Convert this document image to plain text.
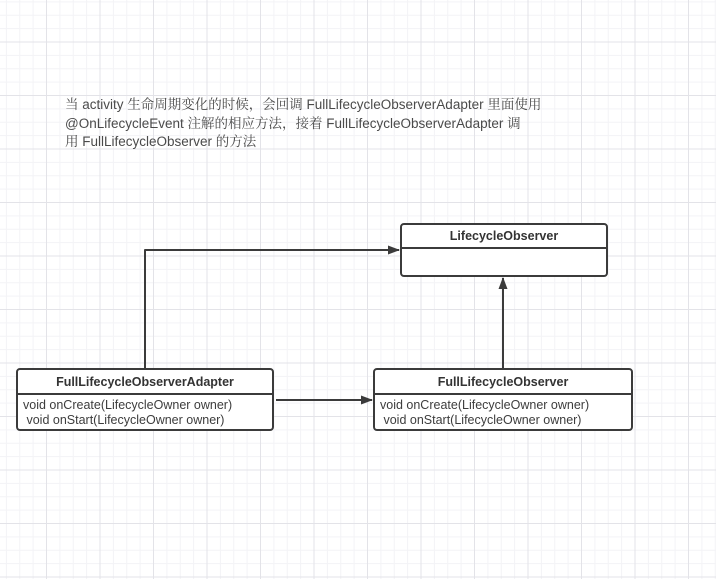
当 activity 生命周期变化的时候，会回调 FullLifecycleObserverAdapter 里面使用
@OnLifecycleEvent 注解的相应方法，接着 FullLifecycleObserverAdapter 调
用 FullLifecycleObserver 的方法
LifecycleObserver
FullLifecycleObserverAdapter
void onCreate(LifecycleOwner owner)
void onStart(LifecycleOwner owner)
FullLifecycleObserver
void onCreate(LifecycleOwner owner)
void onStart(LifecycleOwner owner)
